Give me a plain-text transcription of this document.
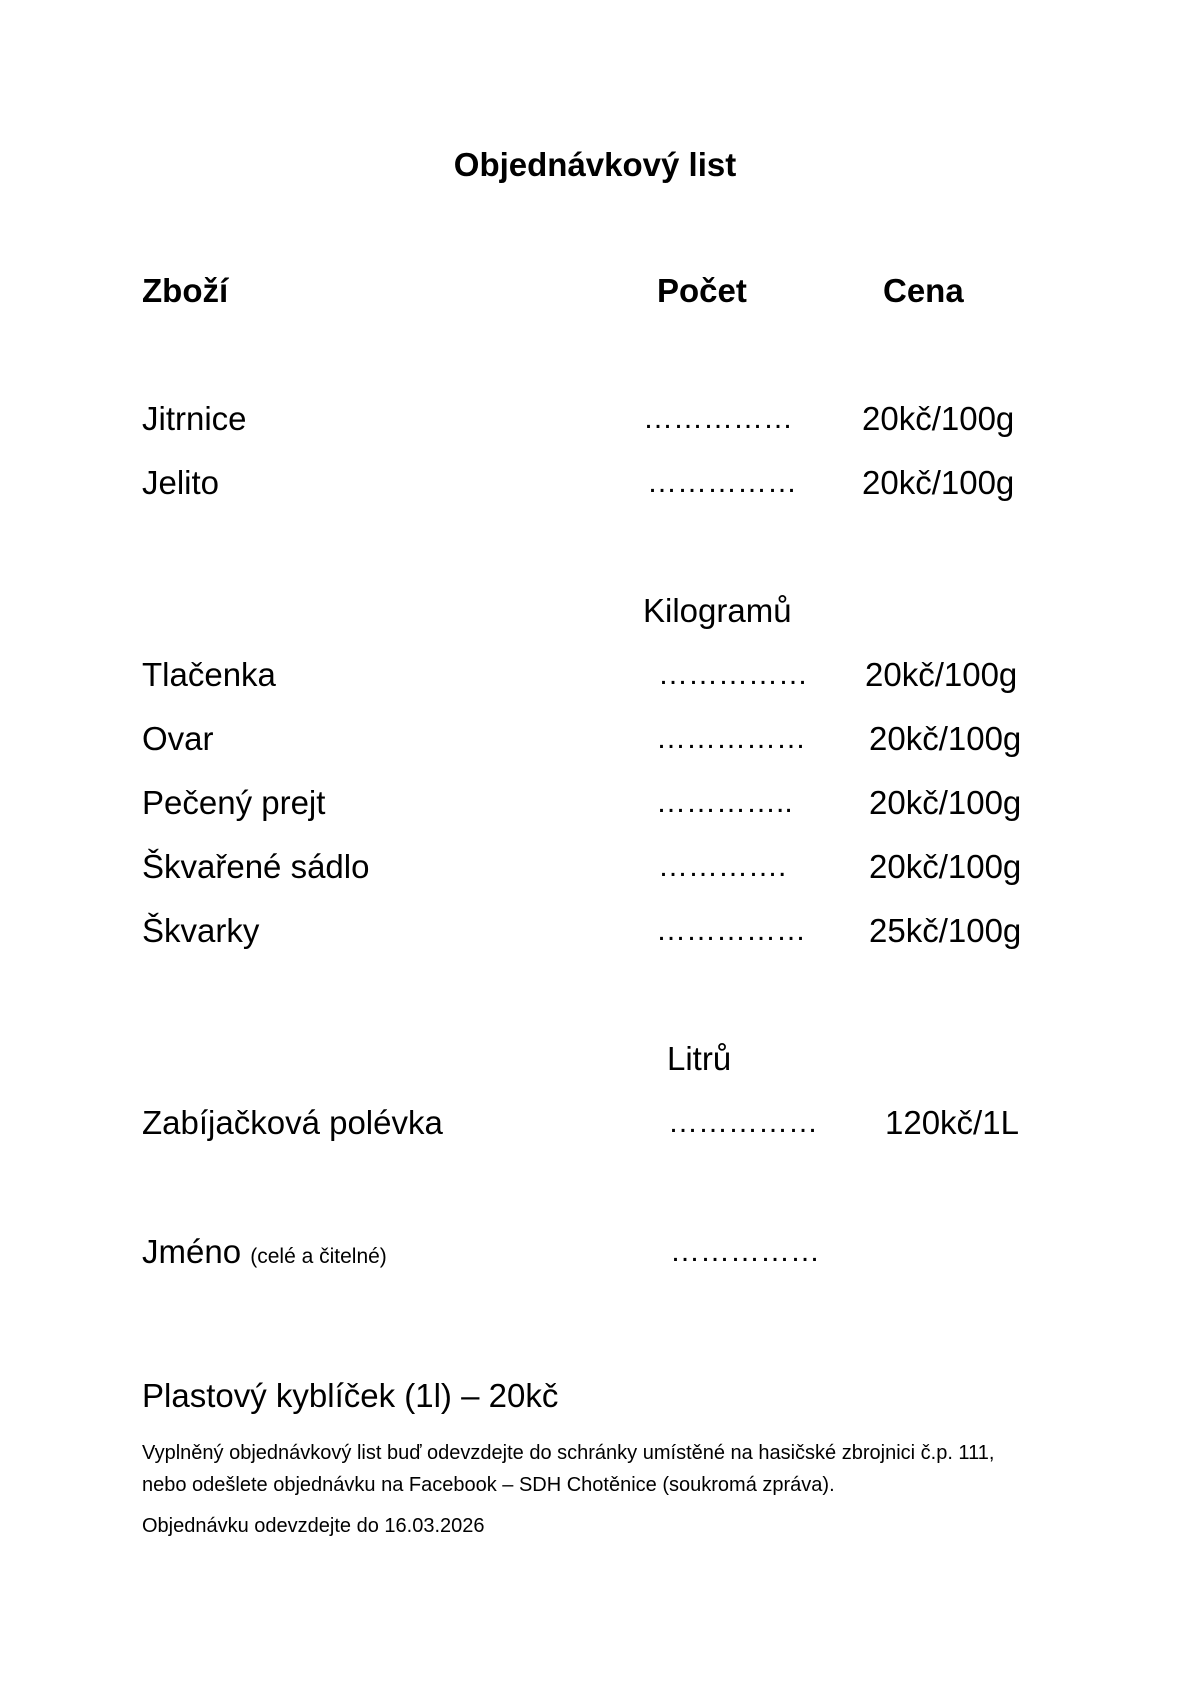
Objednávkový list
Zboží	Počet	Cena
Jitrnice	…………… 20kč/100g
Jelito	…………… 20kč/100g
Kilogramů
Tlačenka	…………… 20kč/100g
Ovar	…………… 20kč/100g
Pečený prejt	………….. 20kč/100g
Škvařené sádlo	………….	20kč/100g
Škvarky	…………… 25kč/100g
Litrů
Zabíjačková polévka	…………… 120kč/1L
Jméno (celé a čitelné)	……………
Plastový kyblíček (1l) – 20kč
Vyplněný objednávkový list buď odevzdejte do schránky umístěné na hasičské zbrojnici č.p. 111,
nebo odešlete objednávku na Facebook – SDH Chotěnice (soukromá zpráva).
Objednávku odevzdejte do 16.03.2026
